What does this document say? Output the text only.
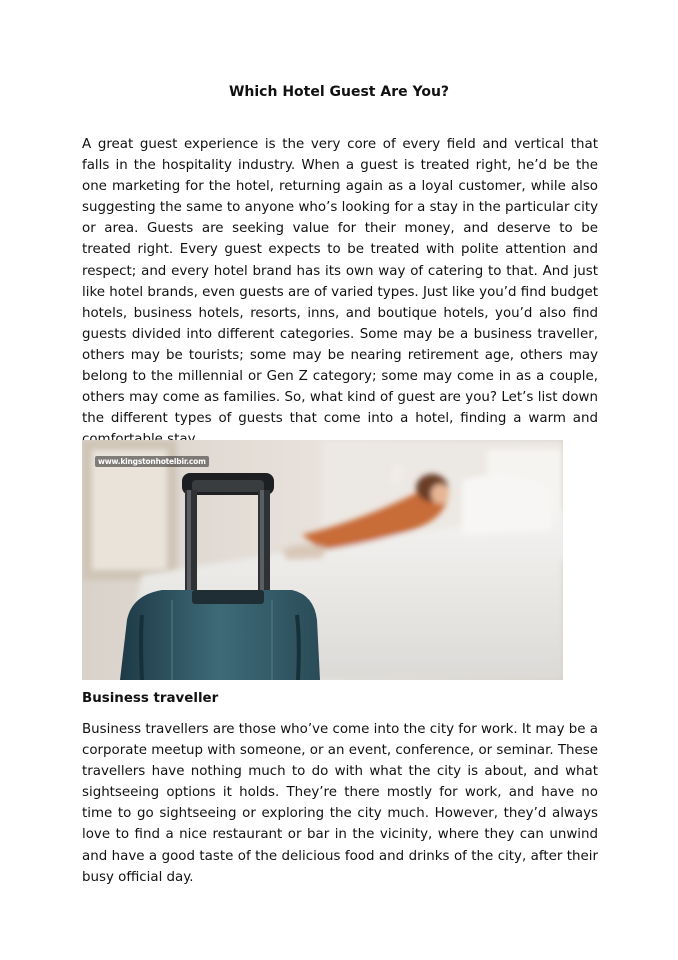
Which Hotel Guest Are You?

A great guest experience is the very core of every field and vertical that falls in the hospitality industry. When a guest is treated right, he’d be the one marketing for the hotel, returning again as a loyal customer, while also suggesting the same to anyone who’s looking for a stay in the particular city or area. Guests are seeking value for their money, and deserve to be treated right. Every guest expects to be treated with polite attention and respect; and every hotel brand has its own way of catering to that. And just like hotel brands, even guests are of varied types. Just like you’d find budget hotels, business hotels, resorts, inns, and boutique hotels, you’d also find guests divided into different categories. Some may be a business traveller, others may be tourists; some may be nearing retirement age, others may belong to the millennial or Gen Z category; some may come in as a couple, others may come as families. So, what kind of guest are you? Let’s list down the different types of guests that come into a hotel, finding a warm and

www.kingstonhotelbir.com
Business traveller

Business travellers are those who’ve come into the city for work. It may be a corporate meetup with someone, or an event, conference, or seminar. These travellers have nothing much to do with what the city is about, and what sightseeing options it holds. They’re there mostly for work, and have no time to go sightseeing or exploring the city much. However, they’d always love to find a nice restaurant or bar in the vicinity, where they can unwind and have a good taste of the delicious food and drinks of the city, after their busy official day.
